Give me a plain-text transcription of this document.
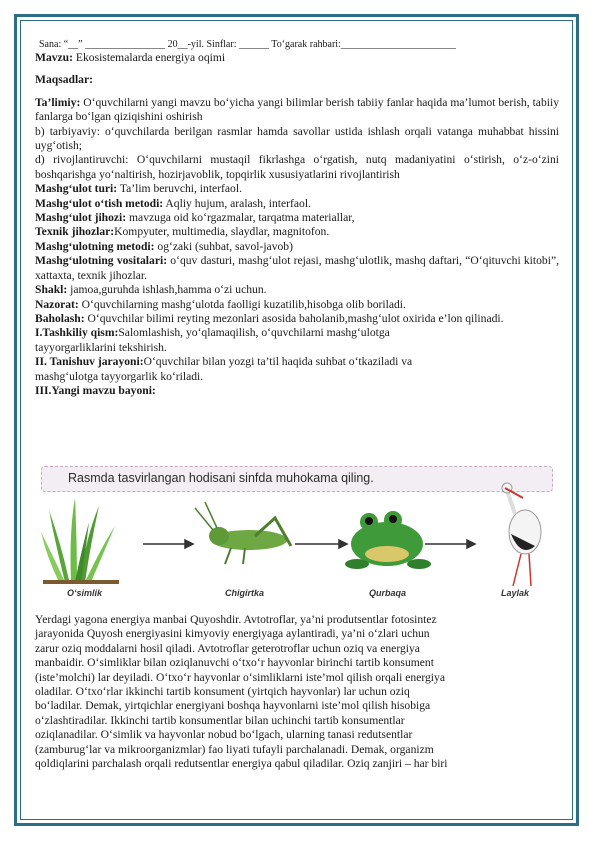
Sana: “__” ________________ 20__-yil. Sinflar: ______ To‘garak rahbari:_______________________
Mavzu: Ekosistemalarda energiya oqimi
Maqsadlar:
Ta’limiy: O‘quvchilarni yangi mavzu bo‘yicha yangi bilimlar berish tabiiy fanlar haqida ma’lumot berish, tabiiy fanlarga bo‘lgan qiziqishini oshirish
b) tarbiyaviy: o‘quvchilarda berilgan rasmlar hamda savollar ustida ishlash orqali vatanga muhabbat hissini uyg‘otish;
d) rivojlantiruvchi: O‘quvchilarni mustaqil fikrlashga o‘rgatish, nutq madaniyatini o‘stirish, o‘z-o‘zini boshqarishga yo‘naltirish, hozirjavoblik, topqirlik xususiyatlarini rivojlantirish
Mashg‘ulot turi: Ta’lim beruvchi, interfaol.
Mashg‘ulot o‘tish metodi: Aqliy hujum, aralash, interfaol.
Mashg‘ulot jihozi: mavzuga oid ko‘rgazmalar, tarqatma materiallar,
Texnik jihozlar:Kompyuter, multimedia, slaydlar, magnitofon.
Mashg‘ulotning metodi: og‘zaki (suhbat, savol-javob)
Mashg‘ulotning vositalari: o‘quv dasturi, mashg‘ulot rejasi, mashg‘ulotlik, mashq daftari, “O‘qituvchi kitobi”, xattaxta, texnik jihozlar.
Shakl: jamoa,guruhda ishlash,hamma o‘zi uchun.
Nazorat: O‘quvchilarning mashg‘ulotda faolligi kuzatilib,hisobga olib boriladi.
Baholash: O‘quvchilar bilimi reyting mezonlari asosida baholanib,mashg‘ulot oxirida e’lon qilinadi.
I.Tashkiliy qism:Salomlashish, yo‘qlamaqilish, o‘quvchilarni mashg‘ulotga
tayyorgarliklarini tekshirish.
II. Tanishuv jarayoni:O‘quvchilar bilan yozgi ta’til haqida suhbat o‘tkaziladi va
mashg‘ulotga tayyorgarlik ko‘riladi.
III.Yangi mavzu bayoni:
Rasmda tasvirlangan hodisani sinfda muhokama qiling.
O‘simlik	Chigirtka	Qurbaqa	Laylak
Yerdagi yagona energiya manbai Quyoshdir. Avtotroflar, ya’ni produtsentlar fotosintez
jarayonida Quyosh energiyasini kimyoviy energiyaga aylantiradi, ya’ni o‘zlari uchun
zarur oziq moddalarni hosil qiladi. Avtotroflar geterotroflar uchun oziq va energiya
manbaidir. O‘simliklar bilan oziqlanuvchi o‘txo‘r hayvonlar birinchi tartib konsument
(iste’molchi) lar deyiladi. O‘txo‘r hayvonlar o‘simliklarni iste’mol qilish orqali energiya
oladilar. O‘txo‘rlar ikkinchi tartib konsument (yirtqich hayvonlar) lar uchun oziq
bo‘ladilar. Demak, yirtqichlar energiyani boshqa hayvonlarni iste’mol qilish hisobiga
o‘zlashtiradilar. Ikkinchi tartib konsumentlar bilan uchinchi tartib konsumentlar
oziqlanadilar. O‘simlik va hayvonlar nobud bo‘lgach, ularning tanasi redutsentlar
(zamburug‘lar va mikroorganizmlar) fao liyati tufayli parchalanadi. Demak, organizm
qoldiqlarini parchalash orqali redutsentlar energiya qabul qiladilar. Oziq zanjiri – har biri
